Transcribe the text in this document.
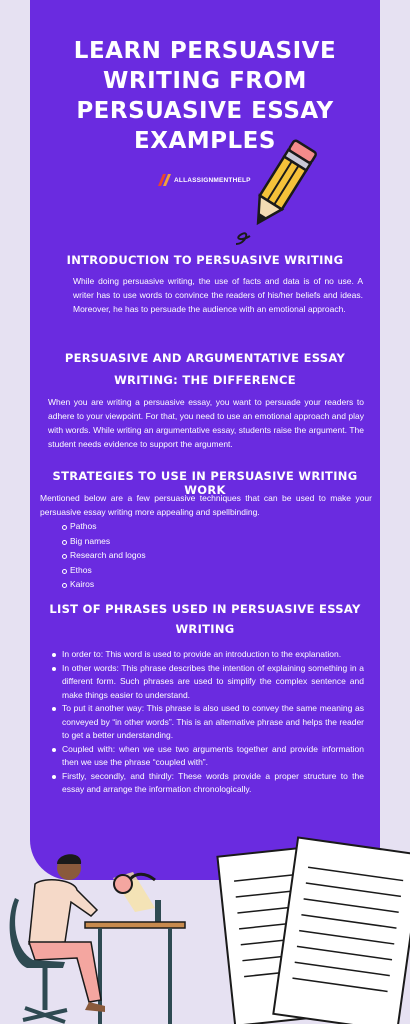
LEARN PERSUASIVE WRITING FROM PERSUASIVE ESSAY EXAMPLES
ALLASSIGNMENTHELP
INTRODUCTION TO PERSUASIVE WRITING

While doing persuasive writing, the use of facts and data is of no use. A writer has to use words to convince the readers of his/her beliefs and ideas. Moreover, he has to persuade the audience with an emotional approach.

PERSUASIVE AND ARGUMENTATIVE ESSAY
WRITING: THE DIFFERENCE

When you are writing a persuasive essay, you want to persuade your readers to adhere to your viewpoint. For that, you need to use an emotional approach and play with words. While writing an argumentative essay, students raise the argument. The student needs evidence to support the argument.

STRATEGIES TO USE IN PERSUASIVE WRITING WORK

Mentioned below are a few persuasive techniques that can be used to make your persuasive essay writing more appealing and spellbinding.

Pathos
Big names
Research and logos
Ethos
Kairos
LIST OF PHRASES USED IN PERSUASIVE ESSAY
WRITING
In order to: This word is used to provide an introduction to the explanation.
In other words: This phrase describes the intention of explaining something in a different form. Such phrases are used to simplify the complex sentence and make things easier to understand.
To put it another way: This phrase is also used to convey the same meaning as conveyed by “in other words”. This is an alternative phrase and helps the reader to get a better understanding.
Coupled with: when we use two arguments together and provide information then we use the phrase “coupled with”.
Firstly, secondly, and thirdly: These words provide a proper structure to the essay and arrange the information chronologically.
